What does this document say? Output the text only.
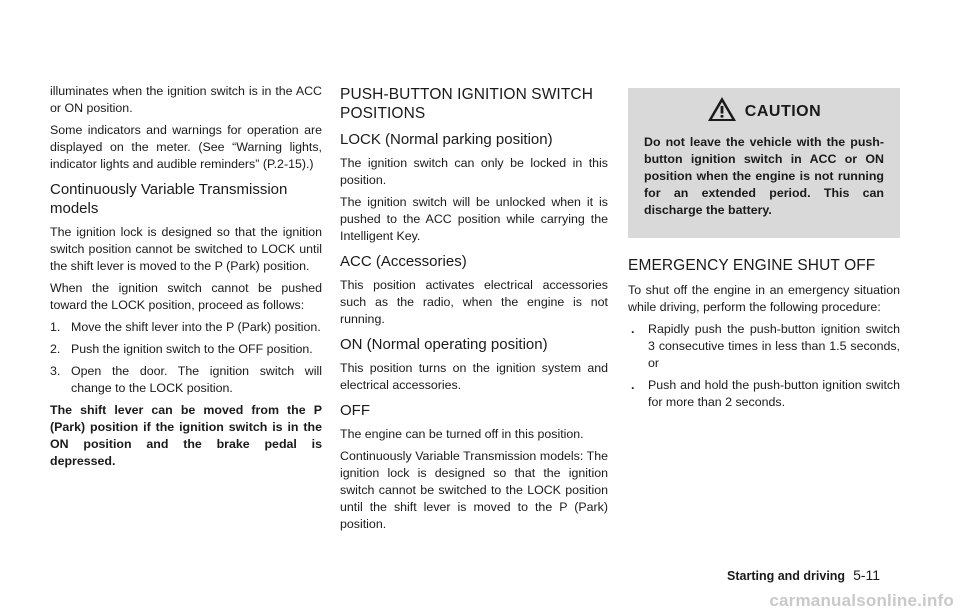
illuminates when the ignition switch is in the ACC or ON position.

Some indicators and warnings for operation are displayed on the meter. (See “Warning lights, indicator lights and audible reminders” (P.2-15).)

Continuously Variable Transmission models

The ignition lock is designed so that the ignition switch position cannot be switched to LOCK until the shift lever is moved to the P (Park) position.

When the ignition switch cannot be pushed toward the LOCK position, proceed as follows:

1. Move the shift lever into the P (Park) position.
2. Push the ignition switch to the OFF position.
3. Open the door. The ignition switch will change to the LOCK position.

The shift lever can be moved from the P (Park) position if the ignition switch is in the ON position and the brake pedal is depressed.

PUSH-BUTTON IGNITION SWITCH POSITIONS
LOCK (Normal parking position)

The ignition switch can only be locked in this position.

The ignition switch will be unlocked when it is pushed to the ACC position while carrying the Intelligent Key.

ACC (Accessories)

This position activates electrical accessories such as the radio, when the engine is not running.

ON (Normal operating position)

This position turns on the ignition system and electrical accessories.

OFF

The engine can be turned off in this position.

Continuously Variable Transmission models: The ignition lock is designed so that the ignition switch cannot be switched to the LOCK position until the shift lever is moved to the P (Park) position.

CAUTION

Do not leave the vehicle with the push-button ignition switch in ACC or ON position when the engine is not running for an extended period. This can discharge the battery.

EMERGENCY ENGINE SHUT OFF

To shut off the engine in an emergency situation while driving, perform the following procedure:

. Rapidly push the push-button ignition switch 3 consecutive times in less than 1.5 seconds, or
. Push and hold the push-button ignition switch for more than 2 seconds.
Starting and driving 5-11
carmanualsonline.info
